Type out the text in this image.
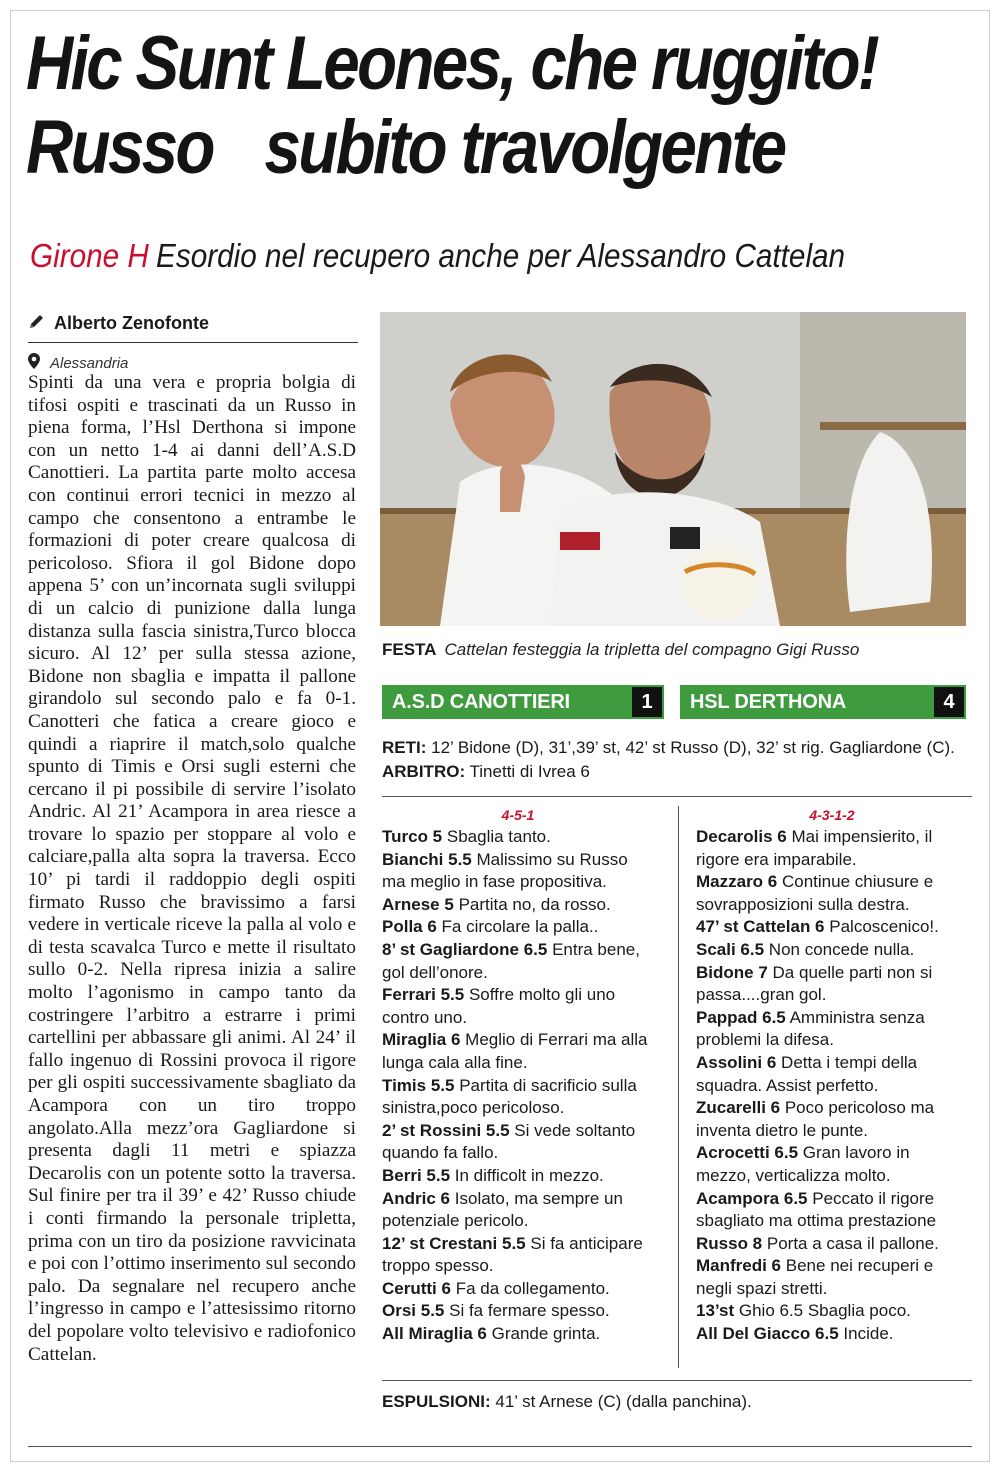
Hic Sunt Leones, che ruggito!
Russo subito travolgente
Girone H Esordio nel recupero anche per Alessandro Cattelan
Alberto Zenofonte
Alessandria
Spinti da una vera e propria bolgia di tifosi ospiti e trascinati da un Russo in piena forma, l’Hsl Derthona si impone con un netto 1-4 ai danni dell’A.S.D Canottieri. La partita parte molto accesa con continui errori tecnici in mezzo al campo che consentono a entrambe le formazioni di poter creare qualcosa di pericoloso. Sfiora il gol Bidone dopo appena 5’ con un’incornata sugli sviluppi di un calcio di punizione dalla lunga distanza sulla fascia sinistra,Turco blocca sicuro. Al 12’ per sulla stessa azione, Bidone non sbaglia e impatta il pallone girandolo sul secondo palo e fa 0-1. Canotteri che fatica a creare gioco e quindi a riaprire il match,solo qualche spunto di Timis e Orsi sugli esterni che cercano il pi possibile di servire l’isolato Andric. Al 21’ Acampora in area riesce a trovare lo spazio per stoppare al volo e calciare,palla alta sopra la traversa. Ecco 10’ pi tardi il raddoppio degli ospiti firmato Russo che bravissimo a farsi vedere in verticale riceve la palla al volo e di testa scavalca Turco e mette il risultato sullo 0-2. Nella ripresa inizia a salire molto l’agonismo in campo tanto da costringere l’arbitro a estrarre i primi cartellini per abbassare gli animi. Al 24’ il fallo ingenuo di Rossini provoca il rigore per gli ospiti successivamente sbagliato da Acampora con un tiro troppo angolato.Alla mezz’ora Gagliardone si presenta dagli 11 metri e spiazza Decarolis con un potente sotto la traversa. Sul finire per tra il 39’ e 42’ Russo chiude i conti firmando la personale tripletta, prima con un tiro da posizione ravvicinata e poi con l’ottimo inserimento sul secondo palo. Da segnalare nel recupero anche l’ingresso in campo e l’attesissimo ritorno del popolare volto televisivo e radiofonico Cattelan.
FESTA Cattelan festeggia la tripletta del compagno Gigi Russo
A.S.D CANOTTIERI	1	HSL DERTHONA	4
RETI: 12’ Bidone (D), 31’,39’ st, 42’ st Russo (D), 32’ st rig. Gagliardone (C).
ARBITRO: Tinetti di Ivrea 6
4-5-1
Turco 5 Sbaglia tanto.
Bianchi 5.5 Malissimo su Russo ma meglio in fase propositiva.
Arnese 5 Partita no, da rosso.
Polla 6 Fa circolare la palla..
8’ st Gagliardone 6.5 Entra bene, gol dell’onore.
Ferrari 5.5 Soffre molto gli uno contro uno.
Miraglia 6 Meglio di Ferrari ma alla lunga cala alla fine.
Timis 5.5 Partita di sacrificio sulla sinistra,poco pericoloso.
2’ st Rossini 5.5 Si vede soltanto quando fa fallo.
Berri 5.5 In difficolt in mezzo.
Andric 6 Isolato, ma sempre un potenziale pericolo.
12’ st Crestani 5.5 Si fa anticipare troppo spesso.
Cerutti 6 Fa da collegamento.
Orsi 5.5 Si fa fermare spesso.
All Miraglia 6 Grande grinta.
4-3-1-2
Decarolis 6 Mai impensierito, il rigore era imparabile.
Mazzaro 6 Continue chiusure e sovrapposizioni sulla destra.
47’ st Cattelan 6 Palcoscenico!.
Scali 6.5 Non concede nulla.
Bidone 7 Da quelle parti non si passa....gran gol.
Pappad 6.5 Amministra senza problemi la difesa.
Assolini 6 Detta i tempi della squadra. Assist perfetto.
Zucarelli 6 Poco pericoloso ma inventa dietro le punte.
Acrocetti 6.5 Gran lavoro in mezzo, verticalizza molto.
Acampora 6.5 Peccato il rigore sbagliato ma ottima prestazione
Russo 8 Porta a casa il pallone.
Manfredi 6 Bene nei recuperi e negli spazi stretti.
13’st Ghio 6.5 Sbaglia poco.
All Del Giacco 6.5 Incide.
ESPULSIONI: 41’ st Arnese (C) (dalla panchina).
